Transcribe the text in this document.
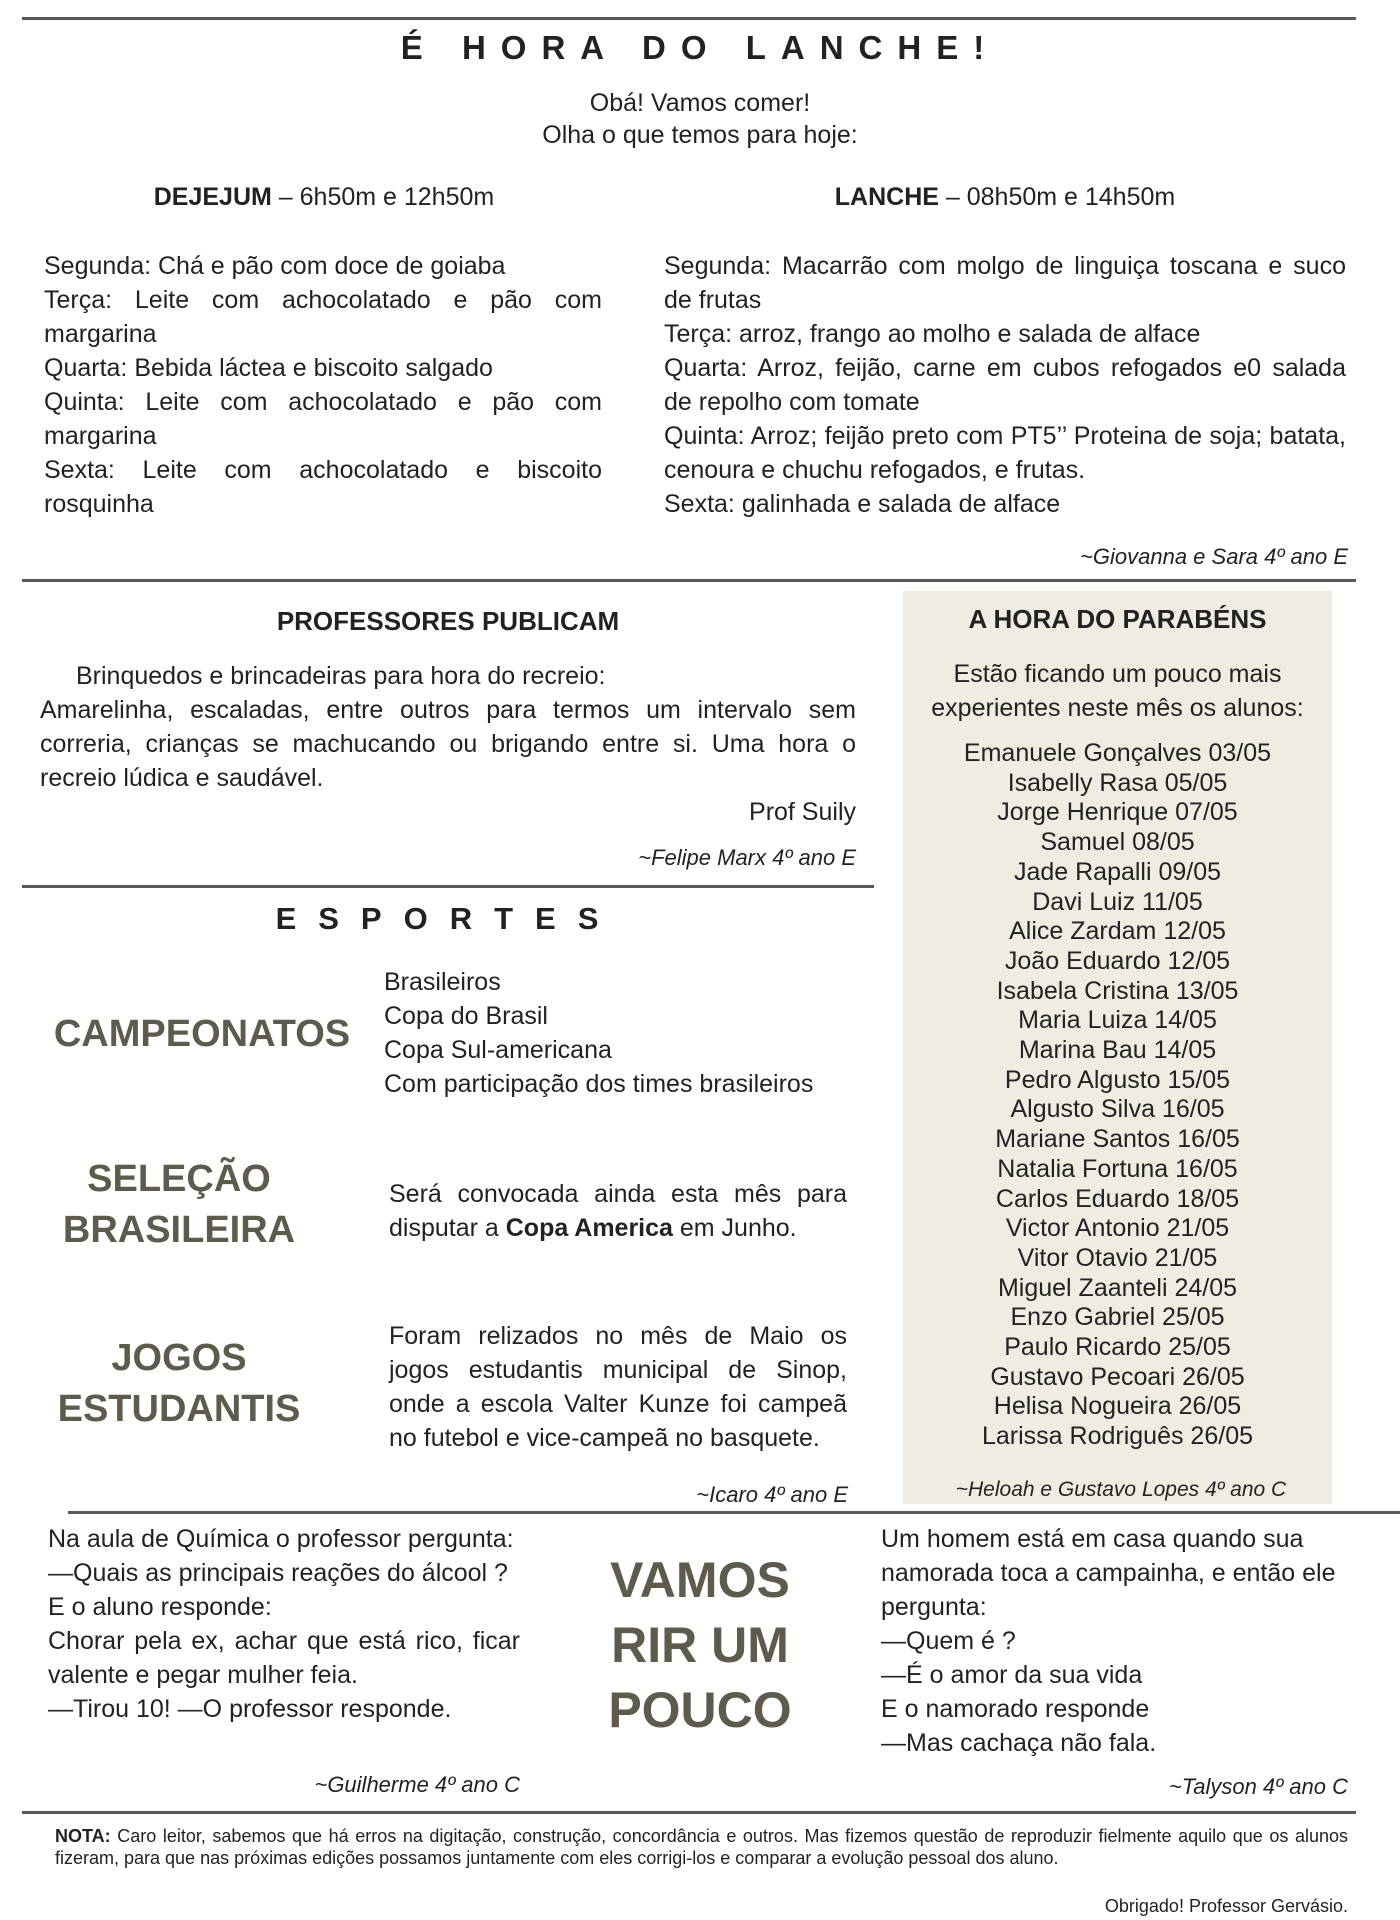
É HORA DO LANCHE!
Obá! Vamos comer!
Olha o que temos para hoje:
DEJEJUM – 6h50m e 12h50m	LANCHE – 08h50m e 14h50m

Segunda: Chá e pão com doce de goiaba

Terça: Leite com achocolatado e pão com margarina

Quarta: Bebida láctea e biscoito salgado

Quinta: Leite com achocolatado e pão com margarina

Sexta: Leite com achocolatado e biscoito rosquinha

Segunda: Macarrão com molgo de linguiça toscana e suco de frutas

Terça: arroz, frango ao molho e salada de alface

Quarta: Arroz, feijão, carne em cubos refogados e0 salada de repolho com tomate

Quinta: Arroz; feijão preto com PT5’’ Proteina de soja; batata, cenoura e chuchu refogados, e frutas.

Sexta: galinhada e salada de alface

~Giovanna e Sara 4º ano E
PROFESSORES PUBLICAM

Brinquedos e brincadeiras para hora do recreio:

Amarelinha, escaladas, entre outros para termos um intervalo sem correria, crianças se machucando ou brigando entre si. Uma hora o recreio lúdica e saudável.

Prof Suily

~Felipe Marx 4º ano E
ESPORTES
CAMPEONATOS
Brasileiros
Copa do Brasil
Copa Sul-americana
Com participação dos times brasileiros
SELEÇÃO
BRASILEIRA
Será convocada ainda esta mês para disputar a Copa America em Junho.
JOGOS
ESTUDANTIS
Foram relizados no mês de Maio os jogos estudantis municipal de Sinop, onde a escola Valter Kunze foi campeã no futebol e vice-campeã no basquete.
~Icaro 4º ano E
A HORA DO PARABÉNS
Estão ficando um pouco mais
experientes neste mês os alunos:
Emanuele Gonçalves 03/05
Isabelly Rasa 05/05
Jorge Henrique 07/05
Samuel 08/05
Jade Rapalli 09/05
Davi Luiz 11/05
Alice Zardam 12/05
João Eduardo 12/05
Isabela Cristina 13/05
Maria Luiza 14/05
Marina Bau 14/05
Pedro Algusto 15/05
Algusto Silva 16/05
Mariane Santos 16/05
Natalia Fortuna 16/05
Carlos Eduardo 18/05
Victor Antonio 21/05
Vitor Otavio 21/05
Miguel Zaanteli 24/05
Enzo Gabriel 25/05
Paulo Ricardo 25/05
Gustavo Pecoari 26/05
Helisa Nogueira 26/05
Larissa Rodriguês 26/05
~Heloah e Gustavo Lopes 4º ano C

Na aula de Química o professor pergunta:

—Quais as principais reações do álcool ?

E o aluno responde:

Chorar pela ex, achar que está rico, ficar valente e pegar mulher feia.

—Tirou 10! —O professor responde.

~Guilherme 4º ano C
VAMOS
RIR UM
POUCO

Um homem está em casa quando sua namorada toca a campainha, e então ele pergunta:

—Quem é ?

—É o amor da sua vida

E o namorado responde

—Mas cachaça não fala.

~Talyson 4º ano C
NOTA: Caro leitor, sabemos que há erros na digitação, construção, concordância e outros. Mas fizemos questão de reproduzir fielmente aquilo que os alunos fizeram, para que nas próximas edições possamos juntamente com eles corrigi-los e comparar a evolução pessoal dos aluno.
Obrigado! Professor Gervásio.
